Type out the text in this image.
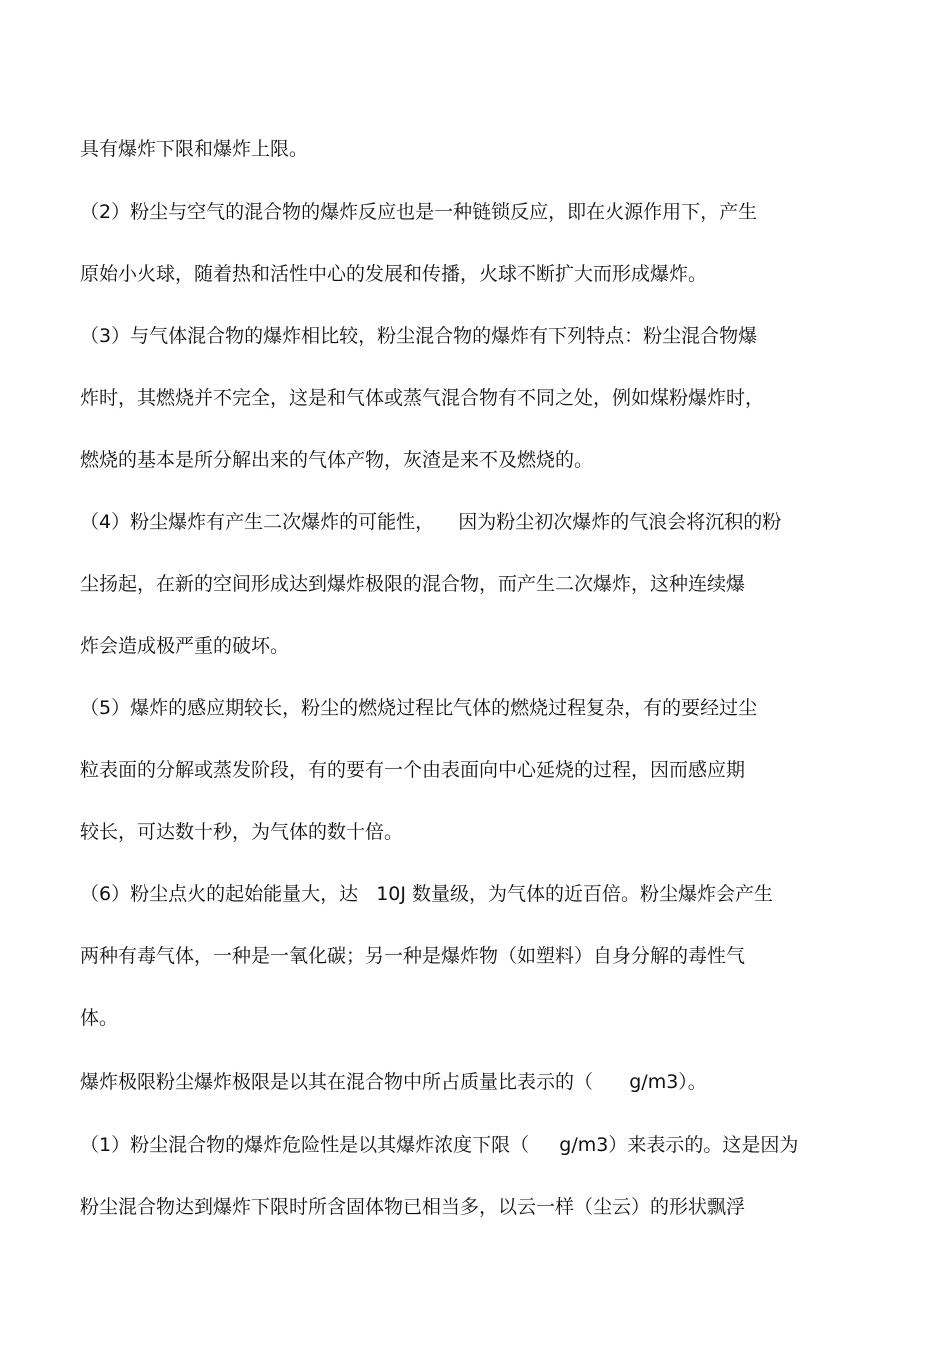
具有爆炸下限和爆炸上限。
（2）粉尘与空气的混合物的爆炸反应也是一种链锁反应，即在火源作用下，产生
原始小火球，随着热和活性中心的发展和传播，火球不断扩大而形成爆炸。
（3）与气体混合物的爆炸相比较，粉尘混合物的爆炸有下列特点：粉尘混合物爆
炸时，其燃烧并不完全，这是和气体或蒸气混合物有不同之处，例如煤粉爆炸时，
燃烧的基本是所分解出来的气体产物，灰渣是来不及燃烧的。
（4）粉尘爆炸有产生二次爆炸的可能性，    因为粉尘初次爆炸的气浪会将沉积的粉
尘扬起，在新的空间形成达到爆炸极限的混合物，而产生二次爆炸，这种连续爆
炸会造成极严重的破坏。
（5）爆炸的感应期较长，粉尘的燃烧过程比气体的燃烧过程复杂，有的要经过尘
粒表面的分解或蒸发阶段，有的要有一个由表面向中心延烧的过程，因而感应期
较长，可达数十秒，为气体的数十倍。
（6）粉尘点火的起始能量大，达   10J 数量级，为气体的近百倍。粉尘爆炸会产生
两种有毒气体，一种是一氧化碳；另一种是爆炸物（如塑料）自身分解的毒性气
体。
爆炸极限粉尘爆炸极限是以其在混合物中所占质量比表示的（      g/m3）。
（1）粉尘混合物的爆炸危险性是以其爆炸浓度下限（     g/m3）来表示的。这是因为
粉尘混合物达到爆炸下限时所含固体物已相当多，以云一样（尘云）的形状飘浮
